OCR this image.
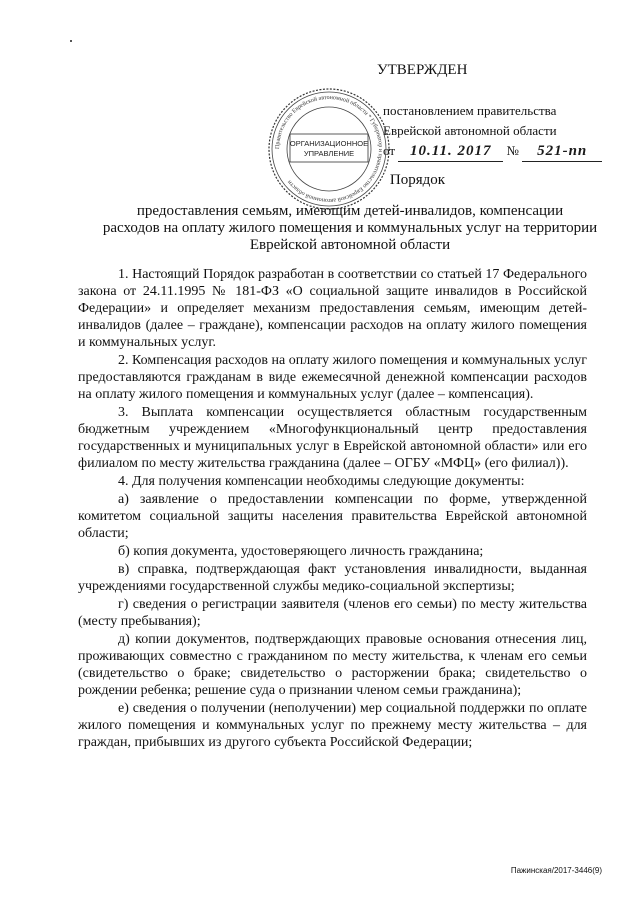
УТВЕРЖДЕН
постановлением правительства
Еврейской автономной области
от 10.11. 2017 № 521-пп
Правительство Еврейской автономной области * Губернатор и правительство Еврейской автономной области
ОРГАНИЗАЦИОННОЕ
УПРАВЛЕНИЕ
Порядок
предоставления семьям, имеющим детей-инвалидов, компенсации
расходов на оплату жилого помещения и коммунальных услуг на территории
Еврейской автономной области

1. Настоящий Порядок разработан в соответствии со статьей 17 Федерального закона от 24.11.1995 № 181-ФЗ «О социальной защите инвалидов в Российской Федерации» и определяет механизм предоставления семьям, имеющим детей-инвалидов (далее – граждане), компенсации расходов на оплату жилого помещения и коммунальных услуг.

2. Компенсация расходов на оплату жилого помещения и коммунальных услуг предоставляются гражданам в виде ежемесячной денежной компенсации расходов на оплату жилого помещения и коммунальных услуг (далее – компенсация).

3. Выплата компенсации осуществляется областным государственным бюджетным учреждением «Многофункциональный центр предоставления государственных и муниципальных услуг в Еврейской автономной области» или его филиалом по месту жительства гражданина (далее – ОГБУ «МФЦ» (его филиал)).

4. Для получения компенсации необходимы следующие документы:

а) заявление о предоставлении компенсации по форме, утвержденной комитетом социальной защиты населения правительства Еврейской автономной области;

б) копия документа, удостоверяющего личность гражданина;

в) справка, подтверждающая факт установления инвалидности, выданная учреждениями государственной службы медико-социальной экспертизы;

г) сведения о регистрации заявителя (членов его семьи) по месту жительства (месту пребывания);

д) копии документов, подтверждающих правовые основания отнесения лиц, проживающих совместно с гражданином по месту жительства, к членам его семьи (свидетельство о браке; свидетельство о расторжении брака; свидетельство о рождении ребенка; решение суда о признании членом семьи гражданина);

е) сведения о получении (неполучении) мер социальной поддержки по оплате жилого помещения и коммунальных услуг по прежнему месту жительства – для граждан, прибывших из другого субъекта Российской Федерации;

Пажинская/2017-3446(9)
